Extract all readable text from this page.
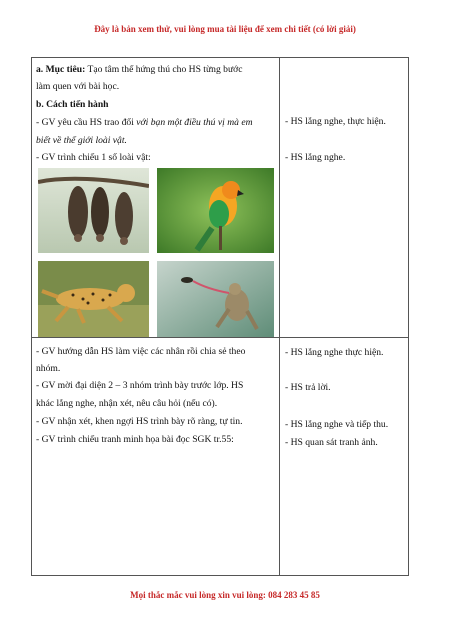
Đây là bản xem thử, vui lòng mua tài liệu để xem chi tiết (có lời giải)
a. Mục tiêu: Tạo tâm thế hứng thú cho HS từng bước
làm quen với bài học.
b. Cách tiến hành
- GV yêu cầu HS trao đổi với bạn một điều thú vị mà em
biết về thế giới loài vật.
- GV trình chiếu 1 số loài vật:
- GV hướng dẫn HS làm việc các nhân rồi chia sẻ theo
nhóm.
- GV mời đại diện 2 – 3 nhóm trình bày trước lớp. HS
khác lắng nghe, nhận xét, nêu câu hỏi (nếu có).
- GV nhận xét, khen ngợi HS trình bày rõ ràng, tự tin.
- GV trình chiếu tranh minh họa bài đọc SGK tr.55:
- HS lắng nghe, thực hiện.
- HS lắng nghe.
- HS lắng nghe thực hiện.
- HS trả lời.
- HS lắng nghe và tiếp thu.
- HS quan sát tranh ảnh.
Mọi thắc mắc vui lòng xin vui lòng: 084 283 45 85
